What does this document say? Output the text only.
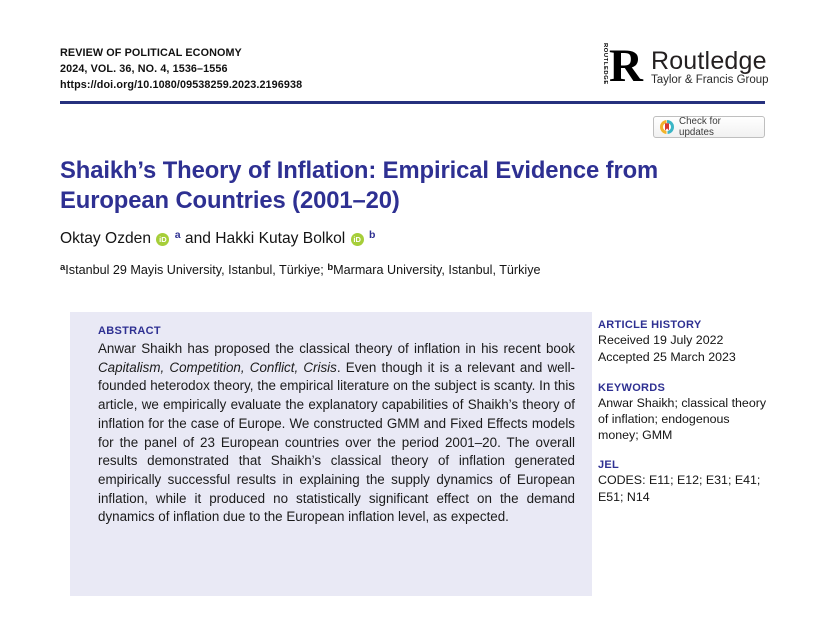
REVIEW OF POLITICAL ECONOMY
2024, VOL. 36, NO. 4, 1536–1556
https://doi.org/10.1080/09538259.2023.2196938
ROUTLEDGE R Routledge
Taylor & Francis Group
Check for updates
Shaikh’s Theory of Inflation: Empirical Evidence from European Countries (2001–20)
Oktay Ozden iD $^a$ and Hakki Kutay Bolkol iD $^b$
$^a$Istanbul 29 Mayis University, Istanbul, Türkiye; $^b$Marmara University, Istanbul, Türkiye
ABSTRACT

Anwar Shaikh has proposed the classical theory of inflation in his recent book Capitalism, Competition, Conflict, Crisis. Even though it is a relevant and well-founded heterodox theory, the empirical literature on the subject is scanty. In this article, we empirically evaluate the explanatory capabilities of Shaikh’s theory of inflation for the case of Europe. We constructed GMM and Fixed Effects models for the panel of 23 European countries over the period 2001–20. The overall results demonstrated that Shaikh’s classical theory of inflation generated empirically successful results in explaining the supply dynamics of European inflation, while it produced no statistically significant effect on the demand dynamics of inflation due to the European inflation level, as expected.

ARTICLE HISTORY
Received 19 July 2022
Accepted 25 March 2023
KEYWORDS
Anwar Shaikh; classical theory of inflation; endogenous money; GMM
JEL
CODES: E11; E12; E31; E41; E51; N14
